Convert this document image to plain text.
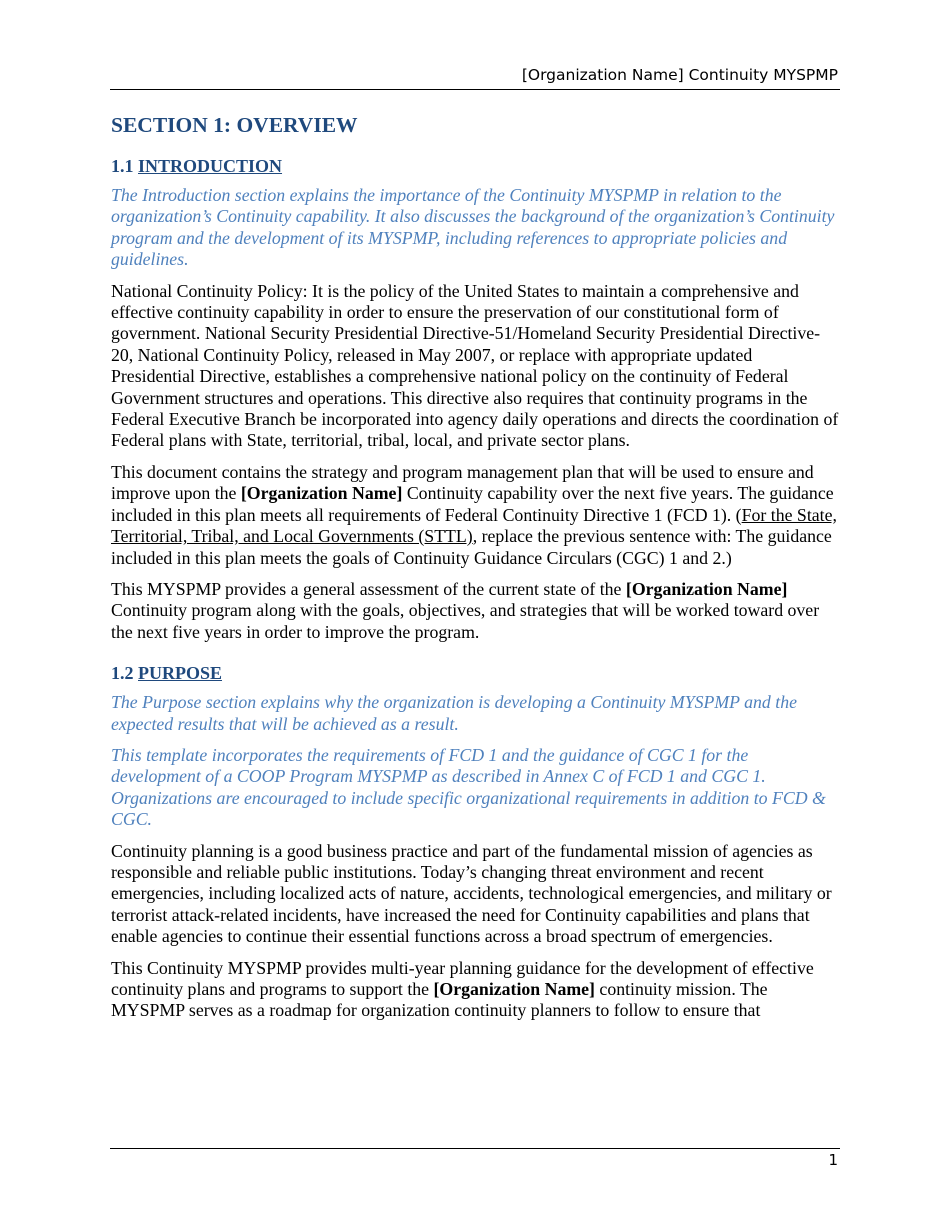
[Organization Name] Continuity MYSPMP
SECTION 1: OVERVIEW
1.1 INTRODUCTION

The Introduction section explains the importance of the Continuity MYSPMP in relation to the organization’s Continuity capability. It also discusses the background of the organization’s Continuity program and the development of its MYSPMP, including references to appropriate policies and guidelines.

National Continuity Policy: It is the policy of the United States to maintain a comprehensive and effective continuity capability in order to ensure the preservation of our constitutional form of government. National Security Presidential Directive-51/Homeland Security Presidential Directive-20, National Continuity Policy, released in May 2007, or replace with appropriate updated Presidential Directive, establishes a comprehensive national policy on the continuity of Federal Government structures and operations. This directive also requires that continuity programs in the Federal Executive Branch be incorporated into agency daily operations and directs the coordination of Federal plans with State, territorial, tribal, local, and private sector plans.

This document contains the strategy and program management plan that will be used to ensure and improve upon the [Organization Name] Continuity capability over the next five years. The guidance included in this plan meets all requirements of Federal Continuity Directive 1 (FCD 1). (For the State, Territorial, Tribal, and Local Governments (STTL), replace the previous sentence with: The guidance included in this plan meets the goals of Continuity Guidance Circulars (CGC) 1 and 2.)

This MYSPMP provides a general assessment of the current state of the [Organization Name] Continuity program along with the goals, objectives, and strategies that will be worked toward over the next five years in order to improve the program.

1.2 PURPOSE

The Purpose section explains why the organization is developing a Continuity MYSPMP and the expected results that will be achieved as a result.

This template incorporates the requirements of FCD 1 and the guidance of CGC 1 for the development of a COOP Program MYSPMP as described in Annex C of FCD 1 and CGC 1. Organizations are encouraged to include specific organizational requirements in addition to FCD & CGC.

Continuity planning is a good business practice and part of the fundamental mission of agencies as responsible and reliable public institutions. Today’s changing threat environment and recent emergencies, including localized acts of nature, accidents, technological emergencies, and military or terrorist attack-related incidents, have increased the need for Continuity capabilities and plans that enable agencies to continue their essential functions across a broad spectrum of emergencies.

This Continuity MYSPMP provides multi-year planning guidance for the development of effective continuity plans and programs to support the [Organization Name] continuity mission. The MYSPMP serves as a roadmap for organization continuity planners to follow to ensure that

1
